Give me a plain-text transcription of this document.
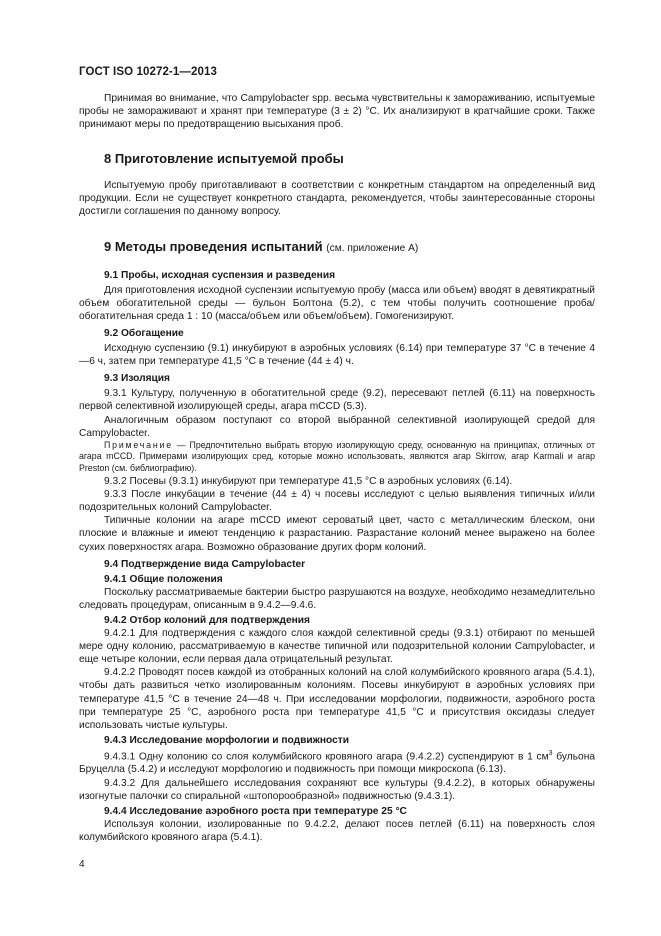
ГОСТ ISO 10272-1—2013

Принимая во внимание, что Campylobacter spp. весьма чувствительны к замораживанию, испытуемые пробы не замораживают и хранят при температуре (3 ± 2) °С. Их анализируют в кратчайшие сроки. Также принимают меры по предотвращению высыхания проб.

8 Приготовление испытуемой пробы

Испытуемую пробу приготавливают в соответствии с конкретным стандартом на определенный вид продукции. Если не существует конкретного стандарта, рекомендуется, чтобы заинтересованные стороны достигли соглашения по данному вопросу.

9 Методы проведения испытаний (см. приложение А)
9.1 Пробы, исходная суспензия и разведения

Для приготовления исходной суспензии испытуемую пробу (масса или объем) вводят в девятикратный объем обогатительной среды — бульон Болтона (5.2), с тем чтобы получить соотношение проба/обогатительная среда 1 : 10 (масса/объем или объем/объем). Гомогенизируют.

9.2 Обогащение

Исходную суспензию (9.1) инкубируют в аэробных условиях (6.14) при температуре 37 °С в течение 4—6 ч, затем при температуре 41,5 °С в течение (44 ± 4) ч.

9.3 Изоляция

9.3.1 Культуру, полученную в обогатительной среде (9.2), пересевают петлей (6.11) на поверхность первой селективной изолирующей среды, агара mCCD (5.3).

Аналогичным образом поступают со второй выбранной селективной изолирующей средой для Campylobacter.

Примечание — Предпочтительно выбрать вторую изолирующую среду, основанную на принципах, отличных от агара mCCD. Примерами изолирующих сред, которые можно использовать, являются агар Skirrow, агар Karmali и агар Preston (см. библиографию).

9.3.2 Посевы (9.3.1) инкубируют при температуре 41,5 °С в аэробных условиях (6.14).

9.3.3 После инкубации в течение (44 ± 4) ч посевы исследуют с целью выявления типичных и/или подозрительных колоний Campylobacter.

Типичные колонии на агаре mCCD имеют сероватый цвет, часто с металлическим блеском, они плоские и влажные и имеют тенденцию к разрастанию. Разрастание колоний менее выражено на более сухих поверхностях агара. Возможно образование других форм колоний.

9.4 Подтверждение вида Campylobacter
9.4.1 Общие положения

Поскольку рассматриваемые бактерии быстро разрушаются на воздухе, необходимо незамедлительно следовать процедурам, описанным в 9.4.2—9.4.6.

9.4.2 Отбор колоний для подтверждения

9.4.2.1 Для подтверждения с каждого слоя каждой селективной среды (9.3.1) отбирают по меньшей мере одну колонию, рассматриваемую в качестве типичной или подозрительной колонии Campylobacter, и еще четыре колонии, если первая дала отрицательный результат.

9.4.2.2 Проводят посев каждой из отобранных колоний на слой колумбийского кровяного агара (5.4.1), чтобы дать развиться четко изолированным колониям. Посевы инкубируют в аэробных условиях при температуре 41,5 °С в течение 24—48 ч. При исследовании морфологии, подвижности, аэробного роста при температуре 25 °С, аэробного роста при температуре 41,5 °С и присутствия оксидазы следует использовать чистые культуры.

9.4.3 Исследование морфологии и подвижности

9.4.3.1 Одну колонию со слоя колумбийского кровяного агара (9.4.2.2) суспендируют в 1 $см^3$ бульона Бруцелла (5.4.2) и исследуют морфологию и подвижность при помощи микроскопа (6.13).

9.4.3.2 Для дальнейшего исследования сохраняют все культуры (9.4.2.2), в которых обнаружены изогнутые палочки со спиральной «штопорообразной» подвижностью (9.4.3.1).

9.4.4 Исследование аэробного роста при температуре 25 °С

Используя колонии, изолированные по 9.4.2.2, делают посев петлей (6.11) на поверхность слоя колумбийского кровяного агара (5.4.1).

4
